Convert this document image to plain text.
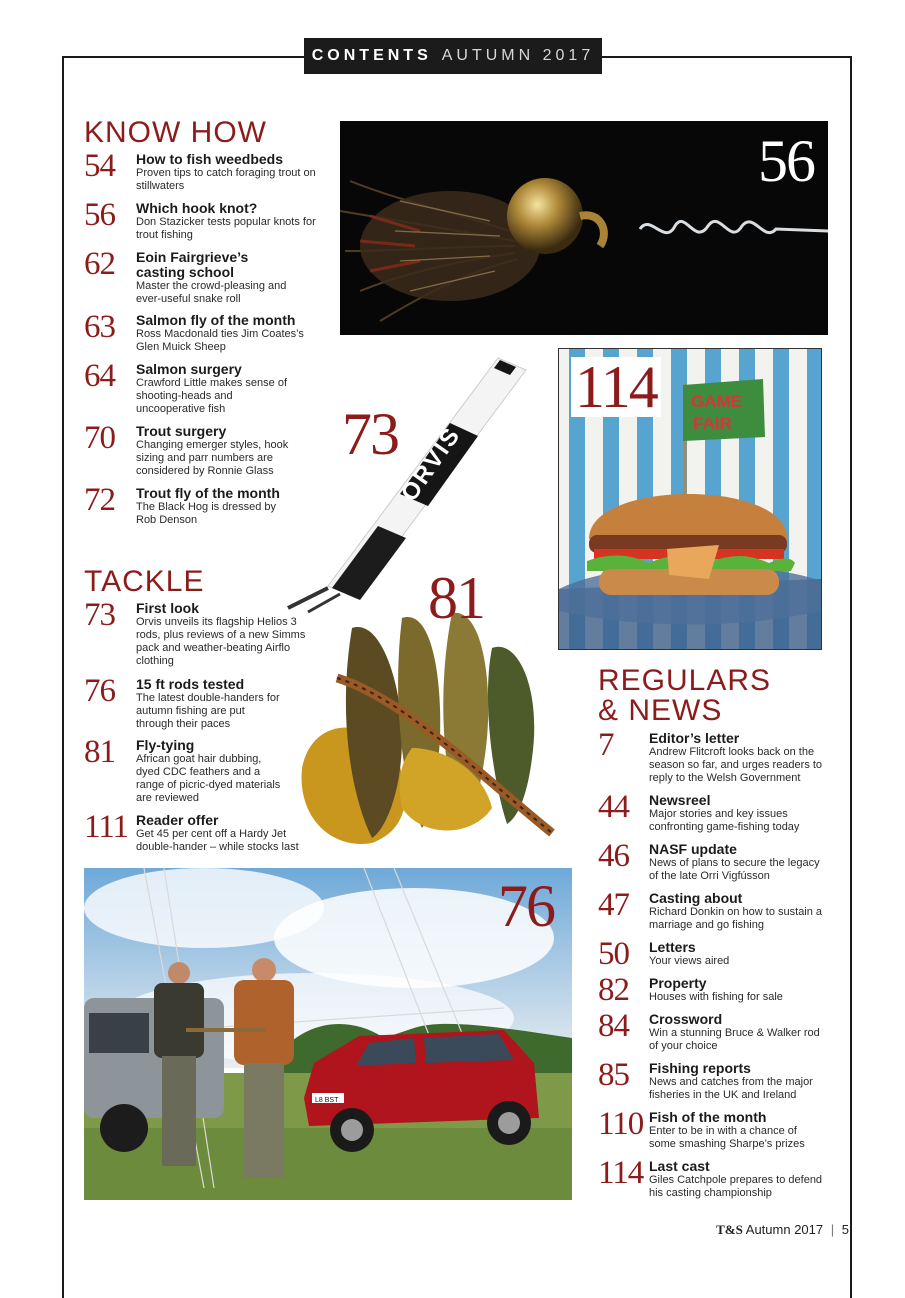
CONTENTS AUTUMN 2017
KNOW HOW
54 How to fish weedbeds
Proven tips to catch foraging trout on stillwaters
56 Which hook knot?
Don Stazicker tests popular knots for trout fishing
62 Eoin Fairgrieve’s casting school
Master the crowd-pleasing and ever-useful snake roll
63 Salmon fly of the month
Ross Macdonald ties Jim Coates’s Glen Muick Sheep
64 Salmon surgery
Crawford Little makes sense of shooting-heads and uncooperative fish
70 Trout surgery
Changing emerger styles, hook sizing and parr numbers are considered by Ronnie Glass
72 Trout fly of the month
The Black Hog is dressed by Rob Denson
TACKLE
73 First look
Orvis unveils its flagship Helios 3 rods, plus reviews of a new Simms pack and weather-beating Airflo clothing
76 15 ft rods tested
The latest double-handers for autumn fishing are put through their paces
81 Fly-tying
African goat hair dubbing, dyed CDC feathers and a range of picric-dyed materials are reviewed
111 Reader offer
Get 45 per cent off a Hardy Jet double-hander – while stocks last
56
ORVIS
73	GAME
FAIR
114
81
L8 BST
76
REGULARS
& NEWS
7	Editor’s letter
Andrew Flitcroft looks back on the season so far, and urges readers to reply to the Welsh Government
44 Newsreel
Major stories and key issues confronting game-fishing today
46 NASF update
News of plans to secure the legacy of the late Orri Vigfússon
47 Casting about
Richard Donkin on how to sustain a marriage and go fishing
50 Letters
Your views aired
82 Property
Houses with fishing for sale
84 Crossword
Win a stunning Bruce & Walker rod of your choice
85 Fishing reports
News and catches from the major fisheries in the UK and Ireland
110 Fish of the month
Enter to be in with a chance of some smashing Sharpe’s prizes
114 Last cast
Giles Catchpole prepares to defend his casting championship
T&S Autumn 2017 | 5
